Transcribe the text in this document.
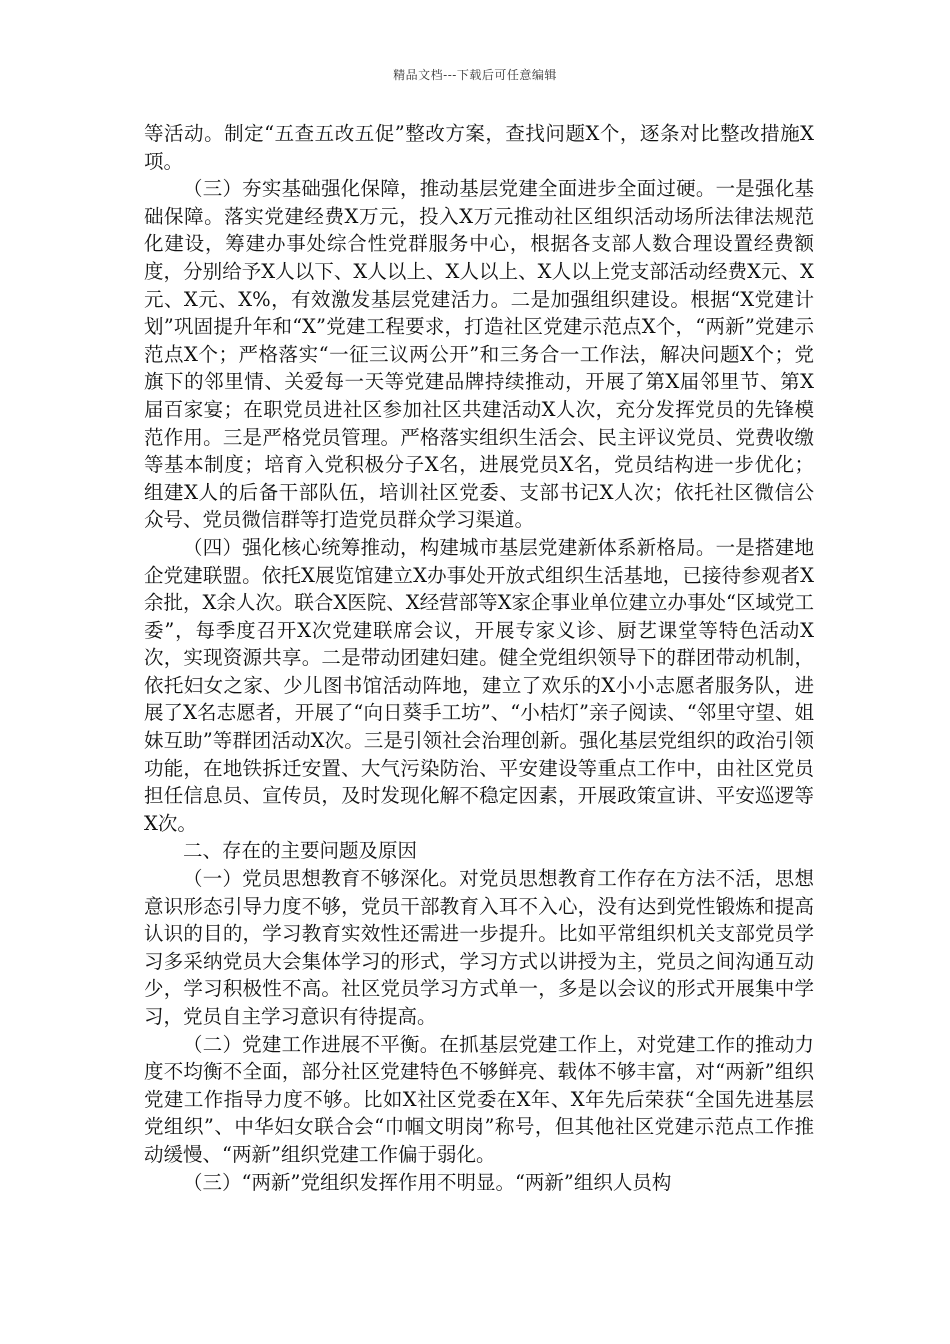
精品文档---下载后可任意编辑

等活动。制定“五查五改五促”整改方案，查找问题X个，逐条对比整改措施X项。

（三）夯实基础强化保障，推动基层党建全面进步全面过硬。一是强化基础保障。落实党建经费X万元，投入X万元推动社区组织活动场所法律法规范化建设，筹建办事处综合性党群服务中心，根据各支部人数合理设置经费额度，分别给予X人以下、X人以上、X人以上、X人以上党支部活动经费X元、X元、X元、X%，有效激发基层党建活力。二是加强组织建设。根据“X党建计划”巩固提升年和“X”党建工程要求，打造社区党建示范点X个，“两新”党建示范点X个；严格落实“一征三议两公开”和三务合一工作法，解决问题X个；党旗下的邻里情、关爱每一天等党建品牌持续推动，开展了第X届邻里节、第X届百家宴；在职党员进社区参加社区共建活动X人次，充分发挥党员的先锋模范作用。三是严格党员管理。严格落实组织生活会、民主评议党员、党费收缴等基本制度；培育入党积极分子X名，进展党员X名，党员结构进一步优化；组建X人的后备干部队伍，培训社区党委、支部书记X人次；依托社区微信公众号、党员微信群等打造党员群众学习渠道。

（四）强化核心统筹推动，构建城市基层党建新体系新格局。一是搭建地企党建联盟。依托X展览馆建立X办事处开放式组织生活基地，已接待参观者X余批，X余人次。联合X医院、X经营部等X家企事业单位建立办事处“区域党工委”，每季度召开X次党建联席会议，开展专家义诊、厨艺课堂等特色活动X次，实现资源共享。二是带动团建妇建。健全党组织领导下的群团带动机制，依托妇女之家、少儿图书馆活动阵地，建立了欢乐的X小小志愿者服务队，进展了X名志愿者，开展了“向日葵手工坊”、“小桔灯”亲子阅读、“邻里守望、姐妹互助”等群团活动X次。三是引领社会治理创新。强化基层党组织的政治引领功能，在地铁拆迁安置、大气污染防治、平安建设等重点工作中，由社区党员担任信息员、宣传员，及时发现化解不稳定因素，开展政策宣讲、平安巡逻等X次。

二、存在的主要问题及原因

（一）党员思想教育不够深化。对党员思想教育工作存在方法不活，思想意识形态引导力度不够，党员干部教育入耳不入心，没有达到党性锻炼和提高认识的目的，学习教育实效性还需进一步提升。比如平常组织机关支部党员学习多采纳党员大会集体学习的形式，学习方式以讲授为主，党员之间沟通互动少，学习积极性不高。社区党员学习方式单一，多是以会议的形式开展集中学习，党员自主学习意识有待提高。

（二）党建工作进展不平衡。在抓基层党建工作上，对党建工作的推动力度不均衡不全面，部分社区党建特色不够鲜亮、载体不够丰富，对“两新”组织党建工作指导力度不够。比如X社区党委在X年、X年先后荣获“全国先进基层党组织”、中华妇女联合会“巾帼文明岗”称号，但其他社区党建示范点工作推动缓慢、“两新”组织党建工作偏于弱化。

（三）“两新”党组织发挥作用不明显。“两新”组织人员构
